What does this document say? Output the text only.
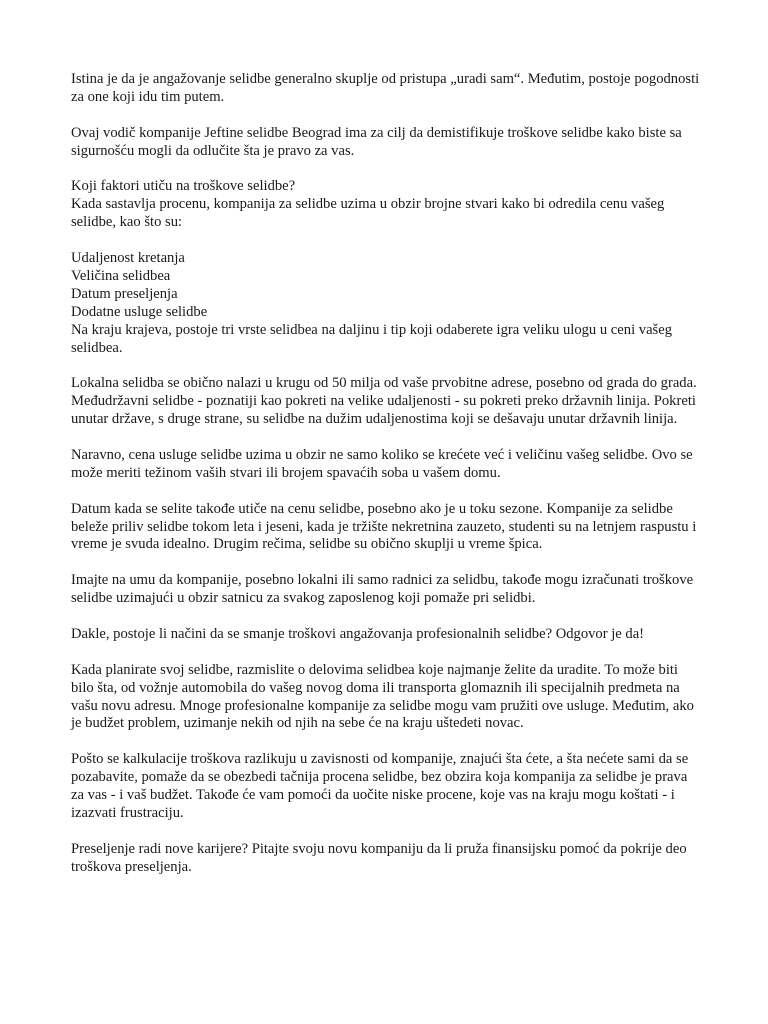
Istina je da je angažovanje selidbe generalno skuplje od pristupa „uradi sam“. Međutim, postoje pogodnosti za one koji idu tim putem.

Ovaj vodič kompanije Jeftine selidbe Beograd ima za cilj da demistifikuje troškove selidbe kako biste sa sigurnošću mogli da odlučite šta je pravo za vas.

Koji faktori utiču na troškove selidbe?
Kada sastavlja procenu, kompanija za selidbe uzima u obzir brojne stvari kako bi odredila cenu vašeg selidbe, kao što su:
Udaljenost kretanja
Veličina selidbea
Datum preseljenja
Dodatne usluge selidbe

Na kraju krajeva, postoje tri vrste selidbea na daljinu i tip koji odaberete igra veliku ulogu u ceni vašeg selidbea.

Lokalna selidba se obično nalazi u krugu od 50 milja od vaše prvobitne adrese, posebno od grada do grada. Međudržavni selidbe - poznatiji kao pokreti na velike udaljenosti - su pokreti preko državnih linija. Pokreti unutar države, s druge strane, su selidbe na dužim udaljenostima koji se dešavaju unutar državnih linija.

Naravno, cena usluge selidbe uzima u obzir ne samo koliko se krećete već i veličinu vašeg selidbe. Ovo se može meriti težinom vaših stvari ili brojem spavaćih soba u vašem domu.

Datum kada se selite takođe utiče na cenu selidbe, posebno ako je u toku sezone. Kompanije za selidbe beleže priliv selidbe tokom leta i jeseni, kada je tržište nekretnina zauzeto, studenti su na letnjem raspustu i vreme je svuda idealno. Drugim rečima, selidbe su obično skuplji u vreme špica.

Imajte na umu da kompanije, posebno lokalni ili samo radnici za selidbu, takođe mogu izračunati troškove selidbe uzimajući u obzir satnicu za svakog zaposlenog koji pomaže pri selidbi.

Dakle, postoje li načini da se smanje troškovi angažovanja profesionalnih selidbe? Odgovor je da!

Kada planirate svoj selidbe, razmislite o delovima selidbea koje najmanje želite da uradite. To može biti bilo šta, od vožnje automobila do vašeg novog doma ili transporta glomaznih ili specijalnih predmeta na vašu novu adresu. Mnoge profesionalne kompanije za selidbe mogu vam pružiti ove usluge. Međutim, ako je budžet problem, uzimanje nekih od njih na sebe će na kraju uštedeti novac.

Pošto se kalkulacije troškova razlikuju u zavisnosti od kompanije, znajući šta ćete, a šta nećete sami da se pozabavite, pomaže da se obezbedi tačnija procena selidbe, bez obzira koja kompanija za selidbe je prava za vas - i vaš budžet. Takođe će vam pomoći da uočite niske procene, koje vas na kraju mogu koštati - i izazvati frustraciju.

Preseljenje radi nove karijere? Pitajte svoju novu kompaniju da li pruža finansijsku pomoć da pokrije deo troškova preseljenja.
